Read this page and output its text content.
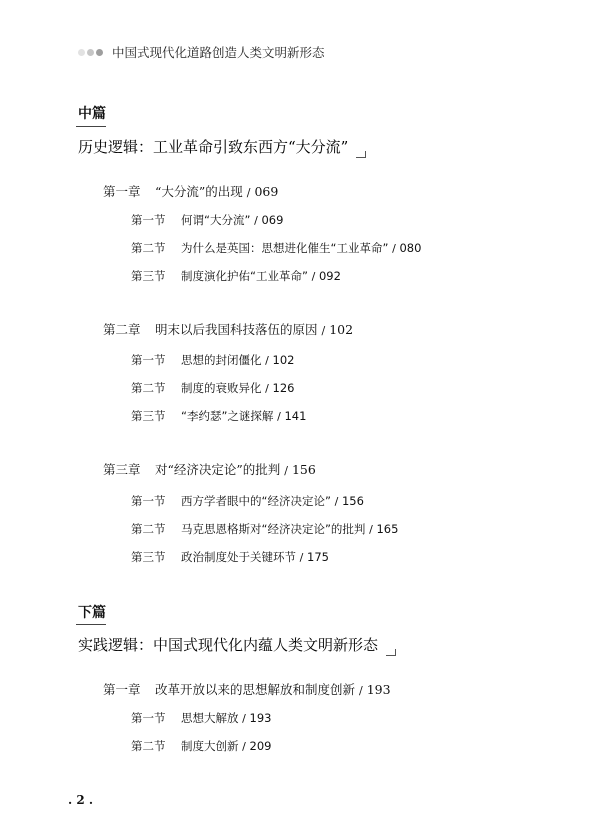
中国式现代化道路创造人类文明新形态
中篇
历史逻辑：工业革命引致东西方“大分流”
第一章 “大分流”的出现 / 069
第一节 何谓“大分流” / 069
第二节 为什么是英国：思想进化催生“工业革命” / 080
第三节 制度演化护佑“工业革命” / 092
第二章 明末以后我国科技落伍的原因 / 102
第一节 思想的封闭僵化 / 102
第二节 制度的衰败异化 / 126
第三节 “李约瑟”之谜探解 / 141
第三章 对“经济决定论”的批判 / 156
第一节 西方学者眼中的“经济决定论” / 156
第二节 马克思恩格斯对“经济决定论”的批判 / 165
第三节 政治制度处于关键环节 / 175
下篇
实践逻辑：中国式现代化内蕴人类文明新形态
第一章 改革开放以来的思想解放和制度创新 / 193
第一节 思想大解放 / 193
第二节 制度大创新 / 209
. 2 .
